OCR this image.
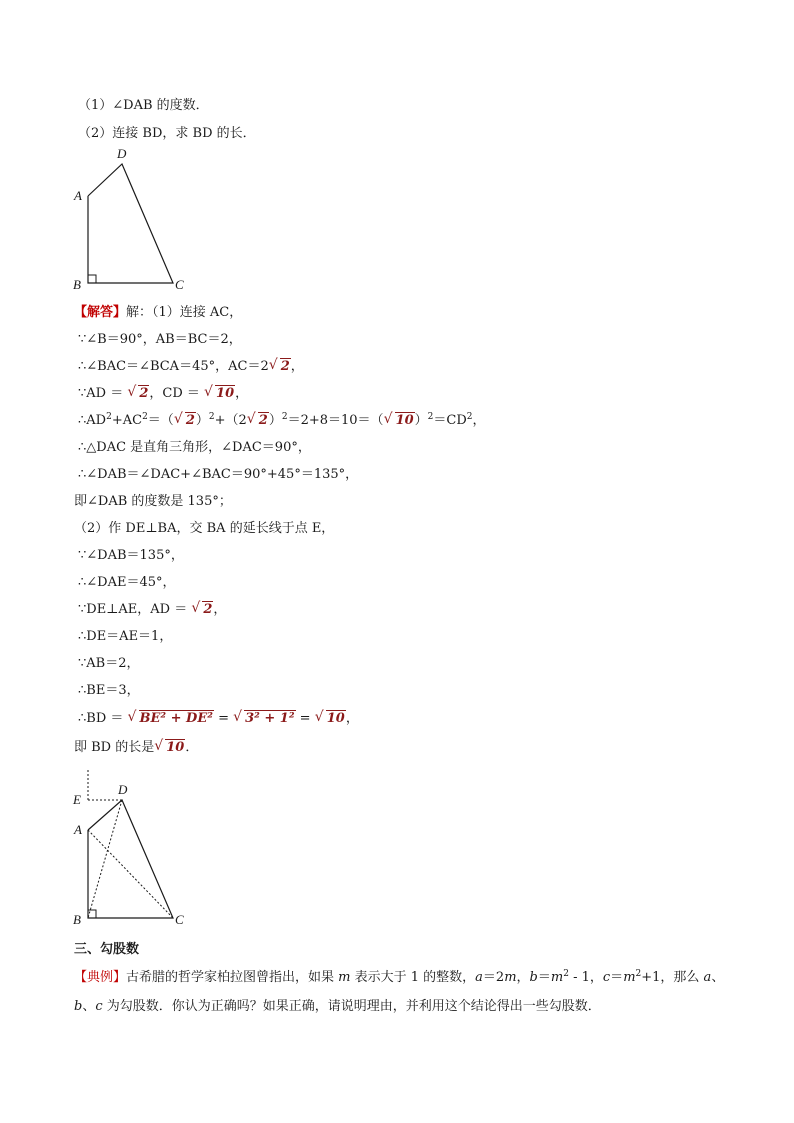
（1）∠DAB 的度数．
（2）连接 BD，求 BD 的长．
D
A
B	C
【解答】解：（1）连接 AC，
∵∠B＝90°，AB＝BC＝2，
∴∠BAC＝∠BCA＝45°，AC＝2√ 2，
∵AD ＝ √ 2，CD ＝ √ 10，
$\therefore AD^2+AC^2=(√$ 2）$^2$+（2√ 2）$^2$＝2+8＝10＝（√ $10)^2=CD^2$，
∴△DAC 是直角三角形，∠DAC＝90°，
∴∠DAB＝∠DAC+∠BAC＝90°+45°＝135°，
即∠DAB 的度数是 135°；
（2）作 DE⊥BA，交 BA 的延长线于点 E，
∵∠DAB＝135°，
∴∠DAE＝45°，
∵DE⊥AE，AD ＝ √ 2，
∴DE＝AE＝1，
∵AB＝2，
∴BE＝3，
∴BD ＝ √ BE² + DE² = √ 3² + 1² = √ 10，
即 BD 的长是√ 10．
E
D
A
B	C
三、勾股数
【典例】古希腊的哲学家柏拉图曾指出，如果 m 表示大于 1 的整数，a＝2m，$b=m^2 - 1$，$c=m^2+1$，那么 a、
b、c 为勾股数．你认为正确吗？如果正确，请说明理由，并利用这个结论得出一些勾股数．
